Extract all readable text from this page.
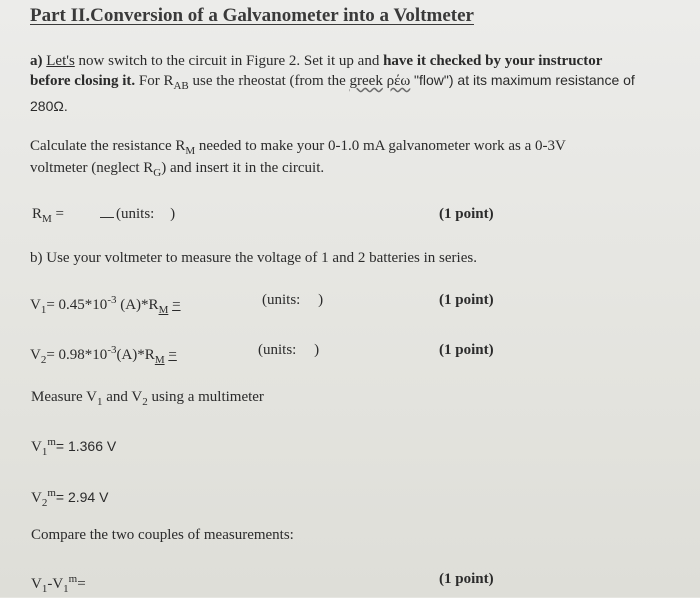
Part II.Conversion of a Galvanometer into a Voltmeter
a) Let's now switch to the circuit in Figure 2. Set it up and have it checked by your instructor
before closing it. For $R_{AB}$ use the rheostat (from the greek ρέω "flow") at its maximum resistance of
280Ω.
Calculate the resistance $R_M$ needed to make your 0-1.0 mA galvanometer work as a 0-3V
voltmeter (neglect $R_G$) and insert it in the circuit.
$R_M$ =	(units: )	(1 point)
b) Use your voltmeter to measure the voltage of 1 and 2 batteries in series.
$V_1= 0.45*10^{-3}$ $(A)*R_M$ =	(units: )	(1 point)
$V_2= 0.98*10^{-3}(A)*R_M$ =	(units: )	(1 point)
Measure $V_1$ and $V_2$ using a multimeter
$V_1^m= 1.366$ V
$V_2^m= 2.94$ V
Compare the two couples of measurements:
$V_1-V_1^m=$	(1 point)
